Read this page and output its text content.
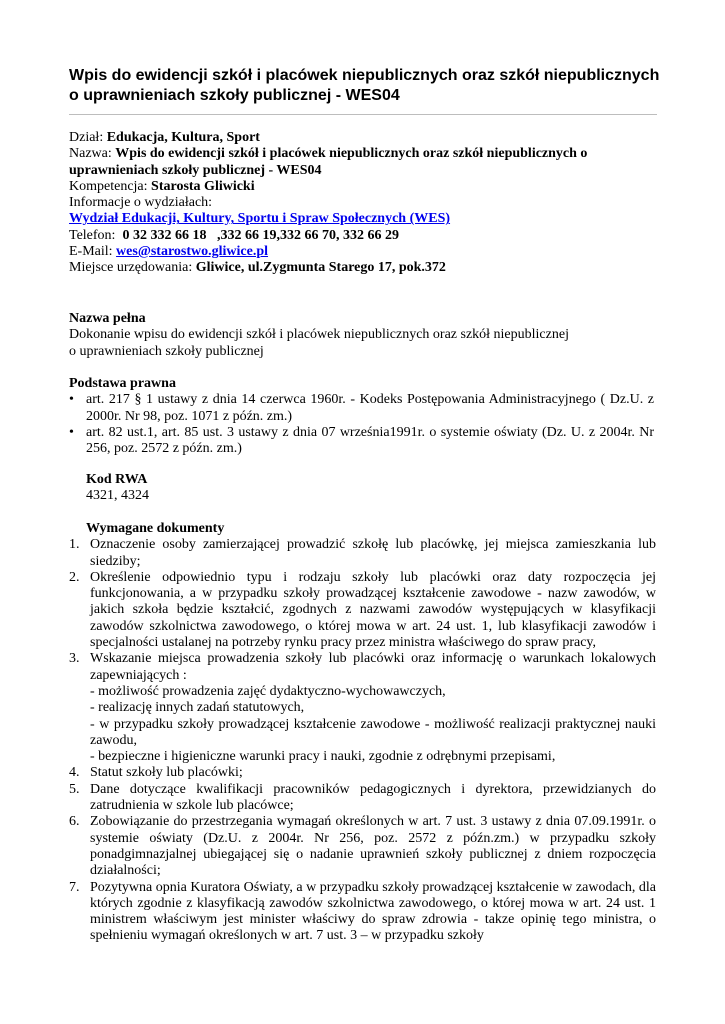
Wpis do ewidencji szkół i placówek niepublicznych oraz szkół niepublicznych

o uprawnieniach szkoły publicznej - WES04

Dział: Edukacja, Kultura, Sport
Nazwa: Wpis do ewidencji szkół i placówek niepublicznych oraz szkół niepublicznych o
uprawnieniach szkoły publicznej - WES04
Kompetencja: Starosta Gliwicki
Informacje o wydziałach:
Wydział Edukacji, Kultury, Sportu i Spraw Społecznych (WES)
Telefon:  0 32 332 66 18   ,332 66 19,332 66 70, 332 66 29
E-Mail: wes@starostwo.gliwice.pl
Miejsce urzędowania: Gliwice, ul.Zygmunta Starego 17, pok.372
Nazwa pełna
Dokonanie wpisu do ewidencji szkół i placówek niepublicznych oraz szkół niepublicznej
o uprawnieniach szkoły publicznej
Podstawa prawna
• art. 217 § 1 ustawy z dnia 14 czerwca 1960r. - Kodeks Postępowania Administracyjnego ( Dz.U. z 2000r. Nr 98, poz. 1071 z późn. zm.)
• art. 82 ust.1, art. 85 ust. 3 ustawy z dnia 07 września1991r. o systemie oświaty (Dz. U. z 2004r. Nr 256, poz. 2572 z późn. zm.)
Kod RWA
4321, 4324
Wymagane dokumenty
1. Oznaczenie osoby zamierzającej prowadzić szkołę lub placówkę, jej miejsca zamieszkania lub siedziby;
2. Określenie odpowiednio typu i rodzaju szkoły lub placówki oraz daty rozpoczęcia jej funkcjonowania, a w przypadku szkoły prowadzącej kształcenie zawodowe - nazw zawodów, w jakich szkoła będzie kształcić, zgodnych z nazwami zawodów występujących w klasyfikacji zawodów szkolnictwa zawodowego, o której mowa w art. 24 ust. 1, lub klasyfikacji zawodów i specjalności ustalanej na potrzeby rynku pracy przez ministra właściwego do spraw pracy,
3. Wskazanie miejsca prowadzenia szkoły lub placówki oraz informację o warunkach lokalowych zapewniających :
- możliwość prowadzenia zajęć dydaktyczno-wychowawczych,
- realizację innych zadań statutowych,
- w przypadku szkoły prowadzącej kształcenie zawodowe - możliwość realizacji praktycznej nauki zawodu,
- bezpieczne i higieniczne warunki pracy i nauki, zgodnie z odrębnymi przepisami,
4. Statut szkoły lub placówki;
5. Dane dotyczące kwalifikacji pracowników pedagogicznych i dyrektora, przewidzianych do zatrudnienia w szkole lub placówce;
6. Zobowiązanie do przestrzegania wymagań określonych w art. 7 ust. 3 ustawy z dnia 07.09.1991r. o systemie oświaty (Dz.U. z 2004r. Nr 256, poz. 2572 z późn.zm.) w przypadku szkoły ponadgimnazjalnej ubiegającej się o nadanie uprawnień szkoły publicznej z dniem rozpoczęcia działalności;
7. Pozytywna opnia Kuratora Oświaty, a w przypadku szkoły prowadzącej kształcenie w zawodach, dla których zgodnie z klasyfikacją zawodów szkolnictwa zawodowego, o której mowa w art. 24 ust. 1 ministrem właściwym jest minister właściwy do spraw zdrowia - takze opinię tego ministra, o spełnieniu wymagań określonych w art. 7 ust. 3 – w przypadku szkoły
